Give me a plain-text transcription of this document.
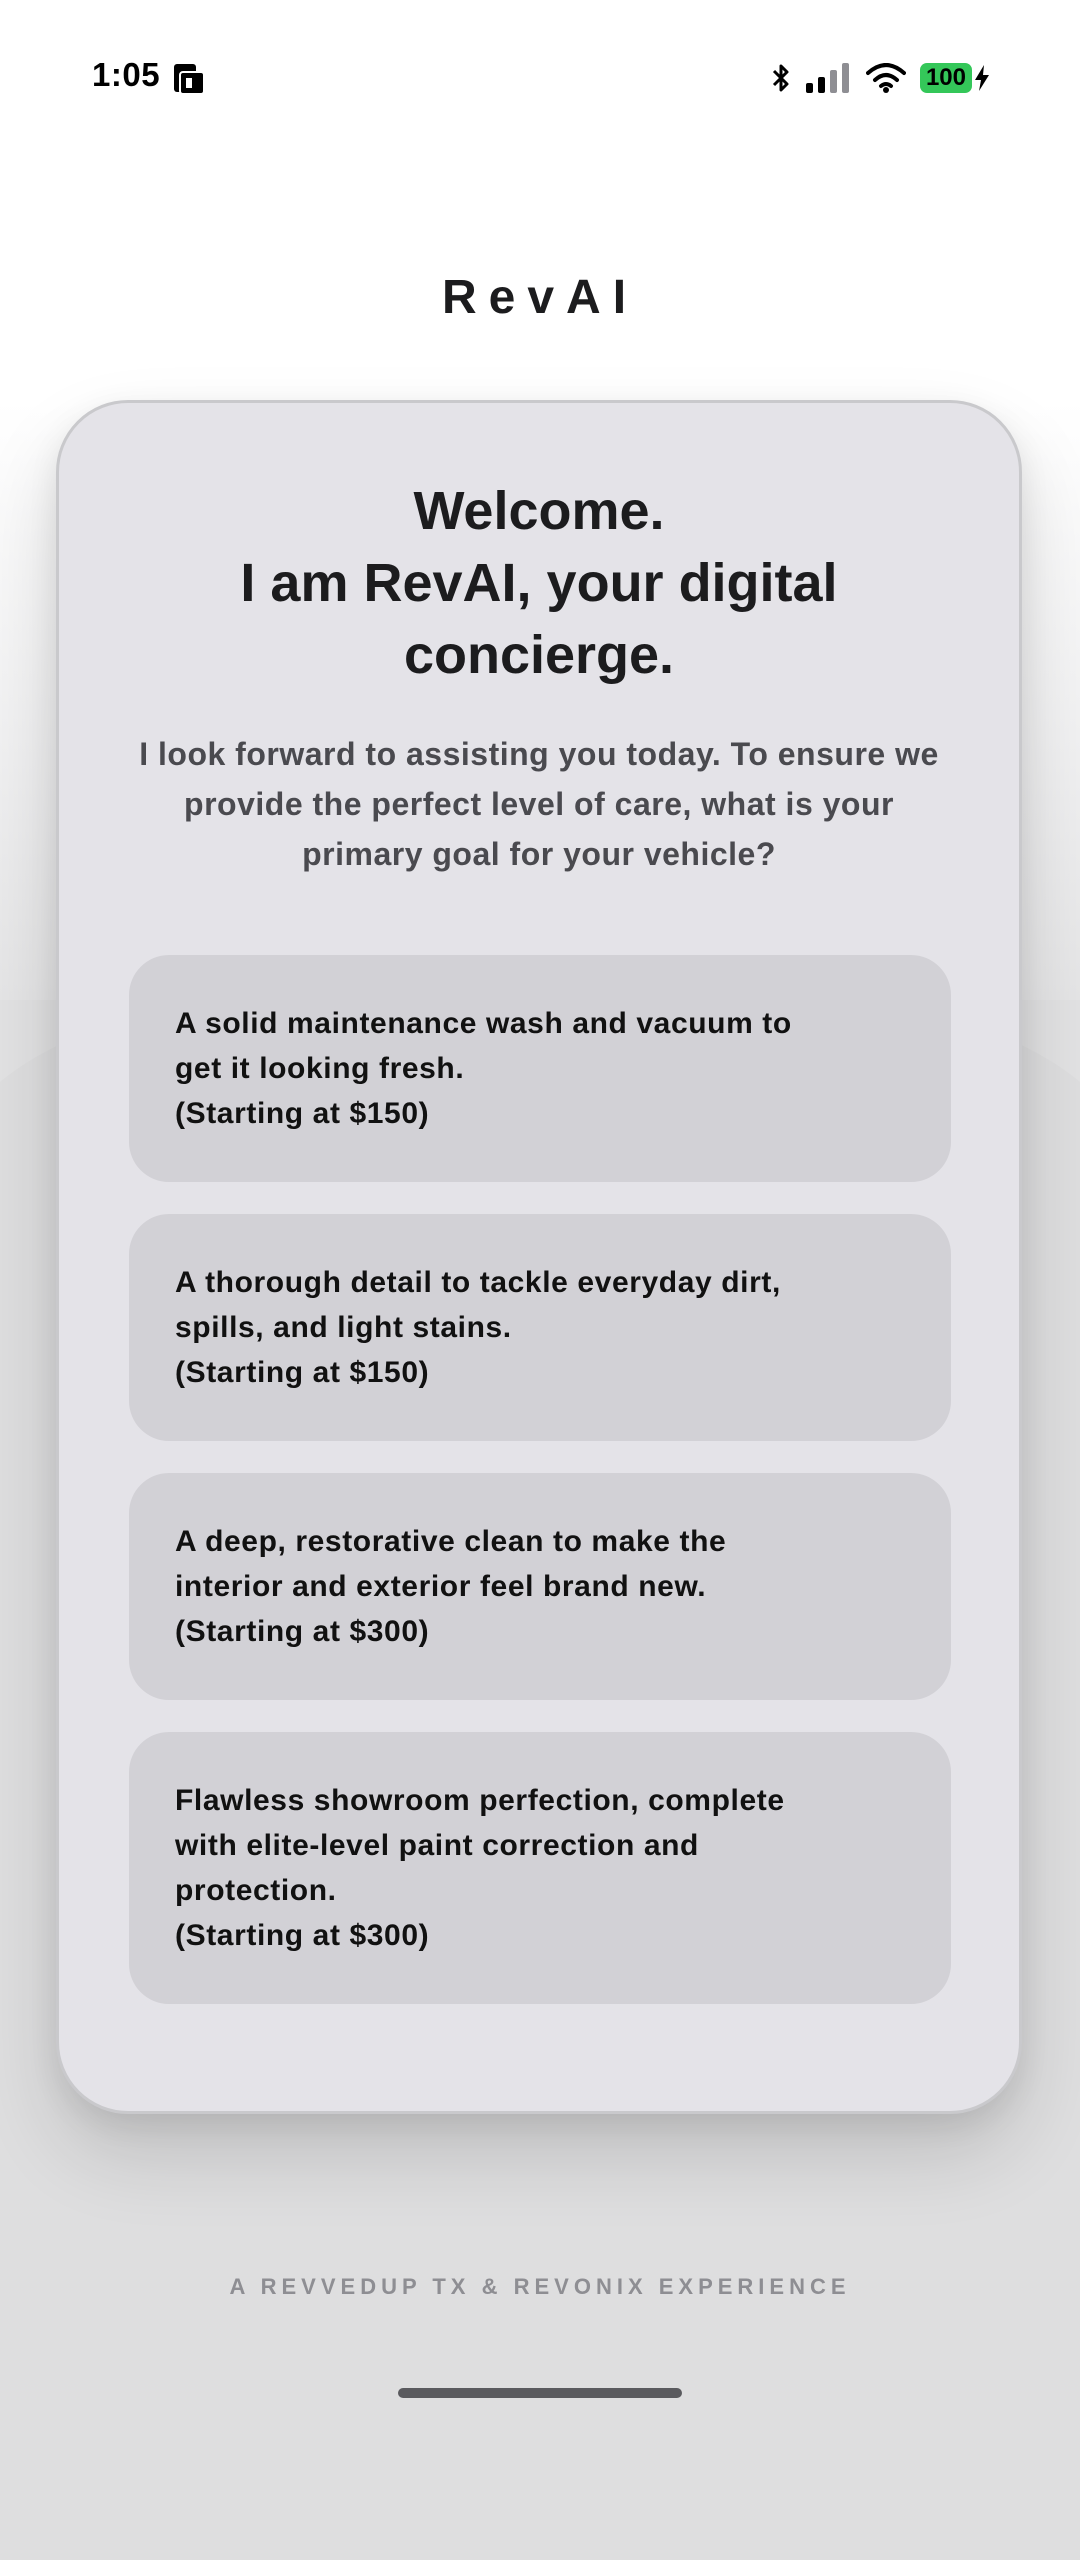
1:05	100
RevAI
Welcome.
I am RevAI, your digital
concierge.
I look forward to assisting you today. To ensure we provide the perfect level of care, what is your primary goal for your vehicle?
A solid maintenance wash and vacuum to get it looking fresh.
(Starting at $150)
A thorough detail to tackle everyday dirt, spills, and light stains.
(Starting at $150)
A deep, restorative clean to make the interior and exterior feel brand new.
(Starting at $300)
Flawless showroom perfection, complete with elite-level paint correction and protection.
(Starting at $300)
A REVVEDUP TX & REVONIX EXPERIENCE
